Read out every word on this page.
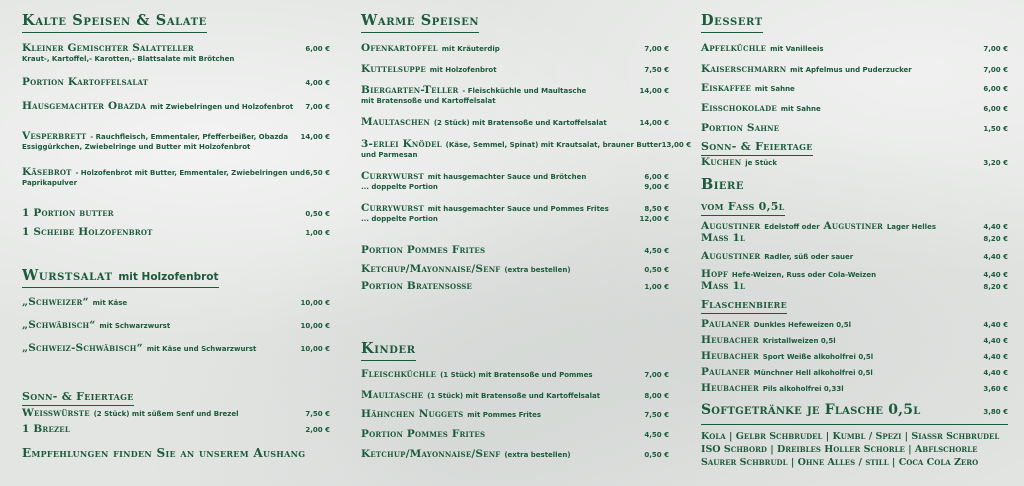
Kalte Speisen & Salate
Kleiner Gemischter Salatteller	6,00 €
Kraut-, Kartoffel,- Karotten,- Blattsalate mit Brötchen
Portion Kartoffelsalat	4,00 €
Hausgemachter Obazda mit Zwiebelringen und Holzofenbrot 7,00 €
Vesperbrett - Rauchfleisch, Emmentaler, Pfefferbeißer, Obazda 14,00 €
Essiggürkchen, Zwiebelringe und Butter mit Holzofenbrot
Käsebrot - Holzofenbrot mit Butter, Emmentaler, Zwiebelringen und 6,50 €
Paprikapulver
1 Portion butter	0,50 €
1 Scheibe Holzofenbrot	1,00 €
Wurstsalat mit Holzofenbrot
„Schweizer“ mit Käse	10,00 €
„Schwäbisch“ mit Schwarzwurst	10,00 €
„Schweiz-Schwäbisch“ mit Käse und Schwarzwurst	10,00 €
Sonn- & Feiertage
Weißwürste (2 Stück) mit süßem Senf und Brezel	7,50 €
1 Brezel	2,00 €
Empfehlungen finden Sie an unserem Aushang
Warme Speisen
Ofenkartoffel mit Kräuterdip	7,00 €
Kuttelsuppe mit Holzofenbrot	7,50 €
Biergarten-Teller - Fleischküchle und Maultasche	14,00 €
mit Bratensoße und Kartoffelsalat
Maultaschen (2 Stück) mit Bratensoße und Kartoffelsalat	14,00 €
3-erlei Knödel (Käse, Semmel, Spinat) mit Krautsalat, brauner Butter 13,00 €
und Parmesan
Currywurst mit hausgemachter Sauce und Brötchen	6,00 €
... doppelte Portion	9,00 €
Currywurst mit hausgemachter Sauce und Pommes Frites	8,50 €
... doppelte Portion	12,00 €
Portion Pommes Frites	4,50 €
Ketchup/Mayonnaise/Senf (extra bestellen)	0,50 €
Portion Bratensoße	1,00 €
Kinder
Fleischküchle (1 Stück) mit Bratensoße und Pommes	7,00 €
Maultasche (1 Stück) mit Bratensoße und Kartoffelsalat	8,00 €
Hähnchen Nuggets mit Pommes Frites	7,50 €
Portion Pommes Frites	4,50 €
Ketchup/Mayonnaise/Senf (extra bestellen)	0,50 €
Dessert
Apfelküchle mit Vanilleeis	7,00 €
Kaiserschmarrn mit Apfelmus und Puderzucker	7,00 €
Eiskaffee mit Sahne	6,00 €
Eisschokolade mit Sahne	6,00 €
Portion Sahne	1,50 €
Sonn- & Feiertage
Kuchen je Stück	3,20 €
Biere
vom Fass 0,5l
Augustiner Edelstoff oder Augustiner Lager Helles	4,40 €
Maß 1l	8,20 €
Augustiner Radler, süß oder sauer	4,40 €
Hopf Hefe-Weizen, Russ oder Cola-Weizen	4,40 €
Maß 1l	8,20 €
Flaschenbiere
Paulaner Dunkles Hefeweizen 0,5l	4,40 €
Heubacher Kristallweizen 0,5l	4,40 €
Heubacher Sport Weiße alkoholfrei 0,5l	4,40 €
Paulaner Münchner Hell alkoholfrei 0,5l	4,40 €
Heubacher Pils alkoholfrei 0,33l	3,60 €
Softgetränke je Flasche 0,5l	3,80 €
Kola | Gelbr Schbrudel | Kumbl / Spezi | Siassr Schbrudel
ISO Schbord | Dreibles Holler Schorle | Abflschorle
Saurer Schbrudl | Ohne Alles / still | Coca Cola Zero
